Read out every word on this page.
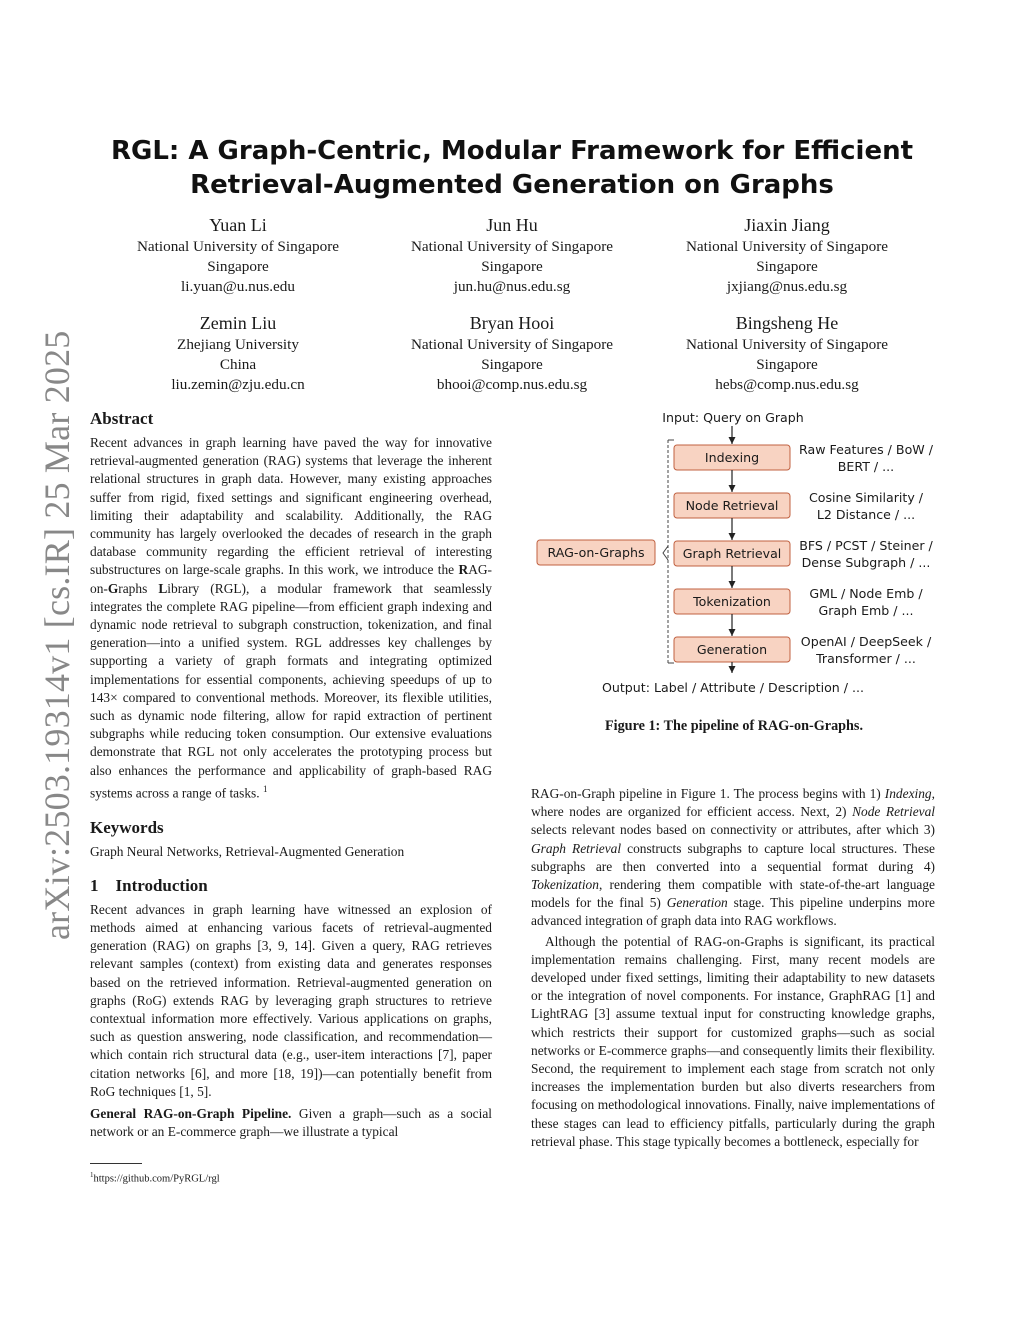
RGL: A Graph-Centric, Modular Framework for Efficient
Retrieval-Augmented Generation on Graphs
Yuan Li
National University of Singapore
Singapore
li.yuan@u.nus.edu
Jun Hu
National University of Singapore
Singapore
jun.hu@nus.edu.sg
Jiaxin Jiang
National University of Singapore
Singapore
jxjiang@nus.edu.sg
Zemin Liu
Zhejiang University
China
liu.zemin@zju.edu.cn
Bryan Hooi
National University of Singapore
Singapore
bhooi@comp.nus.edu.sg
Bingsheng He
National University of Singapore
Singapore
hebs@comp.nus.edu.sg
arXiv:2503.19314v1 [cs.IR] 25 Mar 2025 Abstract

Recent advances in graph learning have paved the way for innovative retrieval-augmented generation (RAG) systems that leverage the inherent relational structures in graph data. However, many existing approaches suffer from rigid, fixed settings and significant engineering overhead, limiting their adaptability and scalability. Additionally, the RAG community has largely overlooked the decades of research in the graph database community regarding the efficient retrieval of interesting substructures on large-scale graphs. In this work, we introduce the RAG-on-Graphs Library (RGL), a modular framework that seamlessly integrates the complete RAG pipeline—from efficient graph indexing and dynamic node retrieval to subgraph construction, tokenization, and final generation—into a unified system. RGL addresses key challenges by supporting a variety of graph formats and integrating optimized implementations for essential components, achieving speedups of up to 143× compared to conventional methods. Moreover, its flexible utilities, such as dynamic node filtering, allow for rapid extraction of pertinent subgraphs while reducing token consumption. Our extensive evaluations demonstrate that RGL not only accelerates the prototyping process but also enhances the performance and applicability of graph-based RAG systems across a range of tasks. $^1$

Keywords

Graph Neural Networks, Retrieval-Augmented Generation

1    Introduction

Recent advances in graph learning have witnessed an explosion of methods aimed at enhancing various facets of retrieval-augmented generation (RAG) on graphs [3, 9, 14]. Given a query, RAG retrieves relevant samples (context) from existing data and generates responses based on the retrieved information. Retrieval-augmented generation on graphs (RoG) extends RAG by leveraging graph structures to retrieve contextual information more effectively. Various applications on graphs, such as question answering, node classification, and recommendation—which contain rich structural data (e.g., user-item interactions [7], paper citation networks [6], and more [18, 19])—can potentially benefit from RoG techniques [1, 5].

General RAG-on-Graph Pipeline. Given a graph—such as a social network or an E-commerce graph—we illustrate a typical

$^1$https://github.com/PyRGL/rgl
Input: Query on Graph
Output: Label / Attribute / Description / ...
RAG-on-Graphs
Indexing
Raw Features / BoW /
BERT / ...
Node Retrieval
Cosine Similarity /
L2 Distance / ...
Graph Retrieval
BFS / PCST / Steiner /
Dense Subgraph / ...
Tokenization
GML / Node Emb /
Graph Emb / ...
Generation
OpenAI / DeepSeek /
Transformer / ...
Figure 1: The pipeline of RAG-on-Graphs.

RAG-on-Graph pipeline in Figure 1. The process begins with 1) Indexing, where nodes are organized for efficient access. Next, 2) Node Retrieval selects relevant nodes based on connectivity or attributes, after which 3) Graph Retrieval constructs subgraphs to capture local structures. These subgraphs are then converted into a sequential format during 4) Tokenization, rendering them compatible with state-of-the-art language models for the final 5) Generation stage. This pipeline underpins more advanced integration of graph data into RAG workflows.

Although the potential of RAG-on-Graphs is significant, its practical implementation remains challenging. First, many recent models are developed under fixed settings, limiting their adaptability to new datasets or the integration of novel components. For instance, GraphRAG [1] and LightRAG [3] assume textual input for constructing knowledge graphs, which restricts their support for customized graphs—such as social networks or E-commerce graphs—and consequently limits their flexibility. Second, the requirement to implement each stage from scratch not only increases the implementation burden but also diverts researchers from focusing on methodological innovations. Finally, naive implementations of these stages can lead to efficiency pitfalls, particularly during the graph retrieval phase. This stage typically becomes a bottleneck, especially for
